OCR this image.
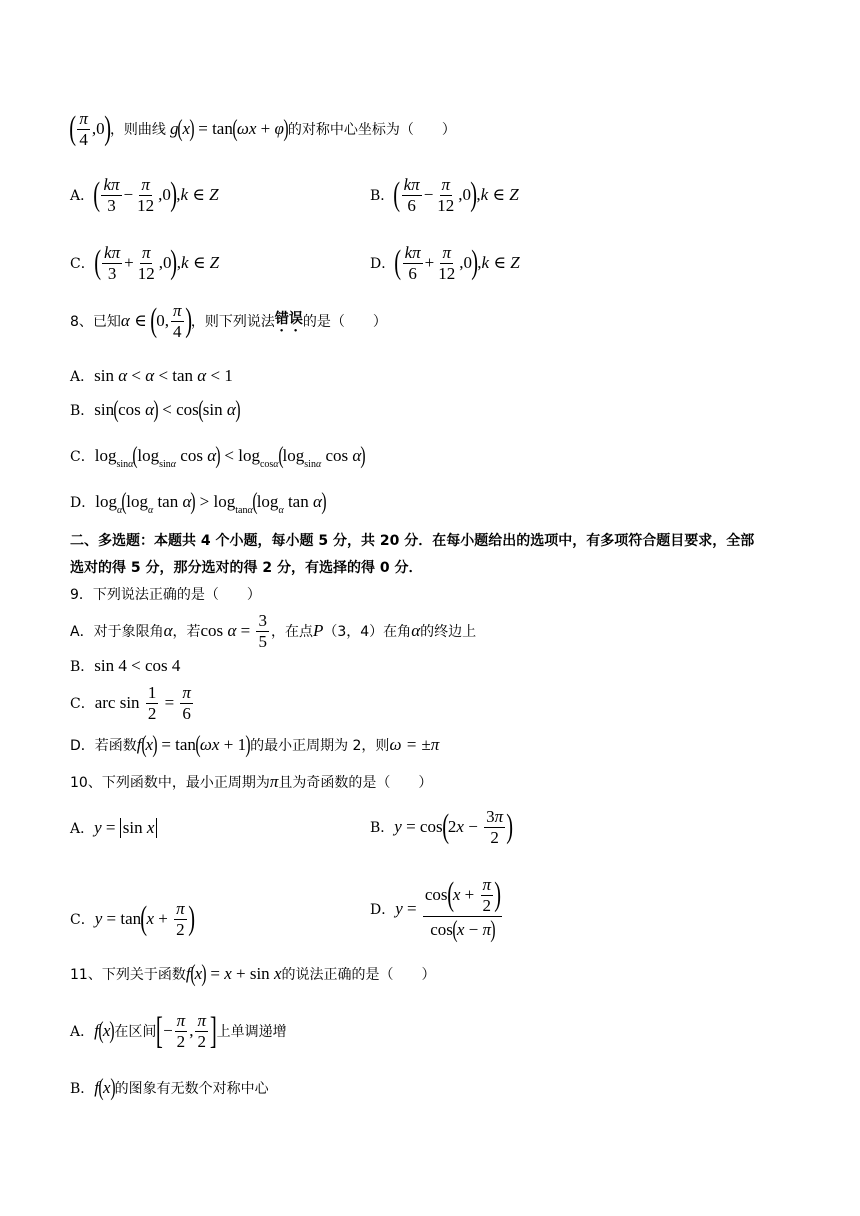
( $\frac{\pi}{4} ,0$ ) ，则曲线 g ( x ) = tan ( ωx + φ ) 的对称中心坐标为（　　）
A． ( $\frac{k\pi}{3} - \frac{\pi}{12} ,0$ ) , k ∈ Z	B． ( $\frac{k\pi}{6} - \frac{\pi}{12} ,0$ ) , k ∈ Z
C． ( $\frac{k\pi}{3} + \frac{\pi}{12} ,0$ ) , k ∈ Z	D． ( $\frac{k\pi}{6} + \frac{\pi}{12} ,0$ ) , k ∈ Z
8、已知 α ∈ ( 0, $\frac{\pi}{4}$ ) ，则下列说法 错误 的是（　　）
A． sin α < α < tan α < 1
B． sin ( cos α ) < cos ( sin α )
C． log sinα ( log sinα cos α ) < log cosα ( log sinα cos α )
D． log α ( log α tan α ) > log tanα ( log α tan α )
二、多选题：本题共 4 个小题，每小题 5 分，共 20 分．在每小题给出的选项中，有多项符合题目要求，全部
选对的得 5 分，那分选对的得 2 分，有选择的得 0 分．
9．下列说法正确的是（　　）
A．对于象限角 α ，若 $\cos \alpha = \frac{3}{5}$ ，在点 P （3，4）在角 α 的终边上
B． sin 4 < cos 4
C． arc $\sin \frac{1}{2} = \frac{\pi}{6}$
D．若函数 f ( x ) = tan ( ωx + 1 ) 的最小正周期为 2，则 ω = ±π
10、下列函数中，最小正周期为 π 且为奇函数的是（　　）
A． y = sin x	B． y = cos ( 2 $x - \frac{3\pi}{2}$ )
C． y = tan ( $x + \frac{\pi}{2}$ )	D． $y = \frac{\cos ( x + \frac{\pi}{2} )}{\cos ( x - \pi )}$
11、下列关于函数 f ( x ) = x + sin x 的说法正确的是（　　）
A． f ( x ) 在区间 [ − $\frac{\pi}{2}$ , $\frac{\pi}{2}$ ] 上单调递增
B． f ( x ) 的图象有无数个对称中心
